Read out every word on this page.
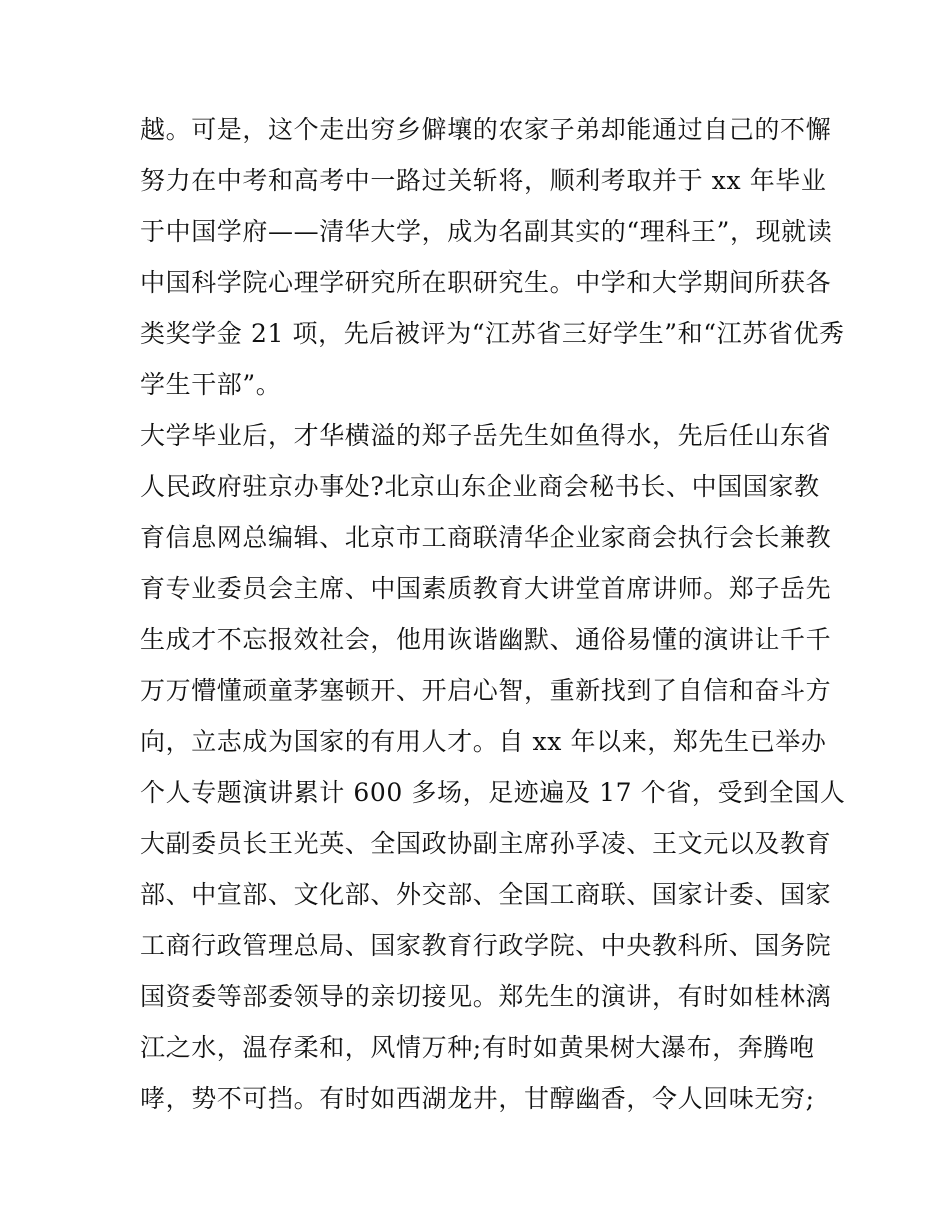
越。可是，这个走出穷乡僻壤的农家子弟却能通过自己的不懈
努力在中考和高考中一路过关斩将，顺利考取并于 xx 年毕业
于中国学府——清华大学，成为名副其实的“理科王”，现就读
中国科学院心理学研究所在职研究生。中学和大学期间所获各
类奖学金 21 项，先后被评为“江苏省三好学生”和“江苏省优秀
学生干部”。
大学毕业后，才华横溢的郑子岳先生如鱼得水，先后任山东省
人民政府驻京办事处?北京山东企业商会秘书长、中国国家教
育信息网总编辑、北京市工商联清华企业家商会执行会长兼教
育专业委员会主席、中国素质教育大讲堂首席讲师。郑子岳先
生成才不忘报效社会，他用诙谐幽默、通俗易懂的演讲让千千
万万懵懂顽童茅塞顿开、开启心智，重新找到了自信和奋斗方
向，立志成为国家的有用人才。自 xx 年以来，郑先生已举办
个人专题演讲累计 600 多场，足迹遍及 17 个省，受到全国人
大副委员长王光英、全国政协副主席孙孚凌、王文元以及教育
部、中宣部、文化部、外交部、全国工商联、国家计委、国家
工商行政管理总局、国家教育行政学院、中央教科所、国务院
国资委等部委领导的亲切接见。郑先生的演讲，有时如桂林漓
江之水，温存柔和，风情万种;有时如黄果树大瀑布，奔腾咆
哮，势不可挡。有时如西湖龙井，甘醇幽香，令人回味无穷;
